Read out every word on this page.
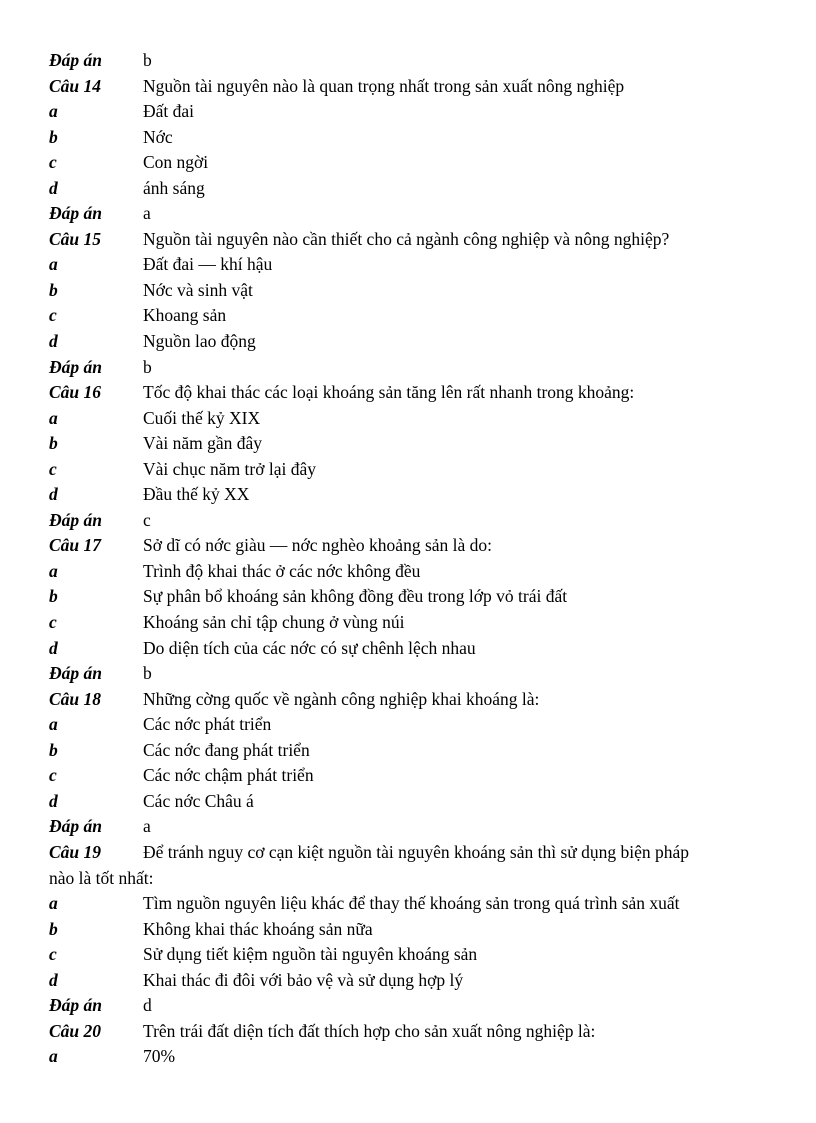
Đáp án b
Câu 14 Nguồn tài nguyên nào là quan trọng nhất trong sản xuất nông nghiệp
a	Đất đai
b	Nớc
c	Con ngời
d	ánh sáng
Đáp án a
Câu 15 Nguồn tài nguyên nào cần thiết cho cả ngành công nghiệp và nông nghiệp?
a	Đất đai — khí hậu
b	Nớc và sinh vật
c	Khoang sản
d	Nguồn lao động
Đáp án b
Câu 16 Tốc độ khai thác các loại khoáng sản tăng lên rất nhanh trong khoảng:
a	Cuối thế kỷ XIX
b	Vài năm gần đây
c	Vài chục năm trở lại đây
d	Đầu thế kỷ XX
Đáp án c
Câu 17 Sở dĩ có nớc giàu — nớc nghèo khoảng sản là do:
a	Trình độ khai thác ở các nớc không đều
b	Sự phân bổ khoáng sản không đồng đều trong lớp vỏ trái đất
c	Khoáng sản chỉ tập chung ở vùng núi
d	Do diện tích của các nớc có sự chênh lệch nhau
Đáp án b
Câu 18 Những cờng quốc về ngành công nghiệp khai khoáng là:
a	Các nớc phát triển
b	Các nớc đang phát triển
c	Các nớc chậm phát triển
d	Các nớc Châu á
Đáp án a
Câu 19 Để tránh nguy cơ cạn kiệt nguồn tài nguyên khoáng sản thì sử dụng biện pháp
nào là tốt nhất:
a	Tìm nguồn nguyên liệu khác để thay thế khoáng sản trong quá trình sản xuất
b	Không khai thác khoáng sản nữa
c	Sử dụng tiết kiệm nguồn tài nguyên khoáng sản
d	Khai thác đi đôi với bảo vệ và sử dụng hợp lý
Đáp án d
Câu 20 Trên trái đất diện tích đất thích hợp cho sản xuất nông nghiệp là:
a	70%
